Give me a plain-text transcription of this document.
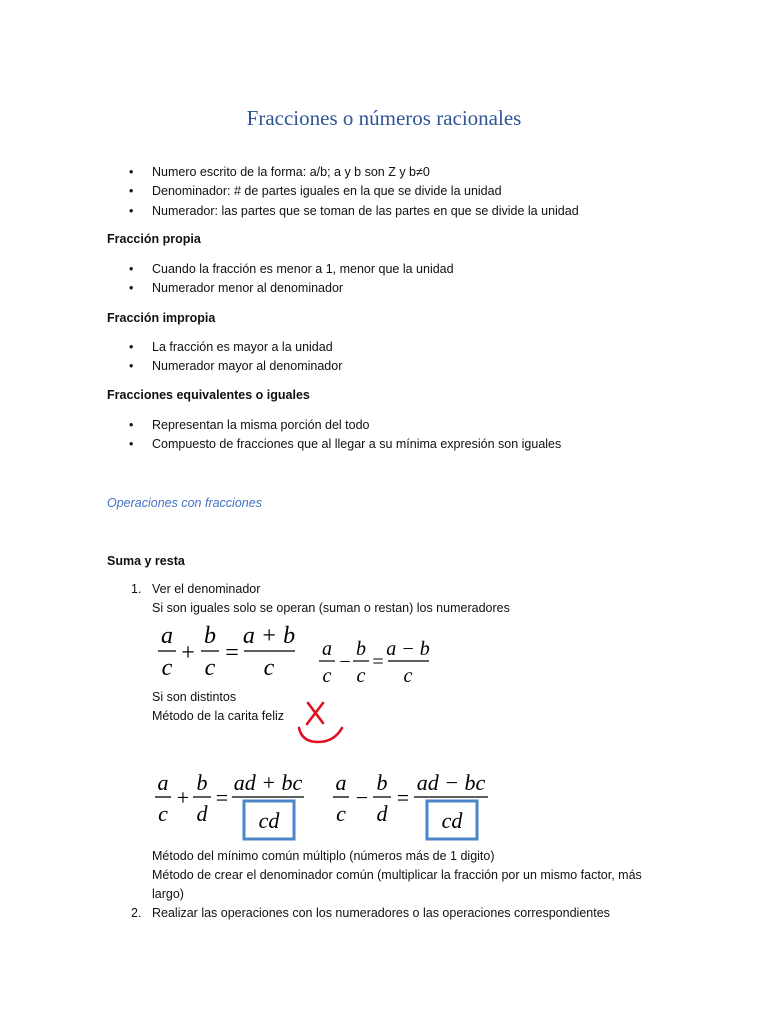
Fracciones o números racionales
• Numero escrito de la forma: a/b; a y b son Z y b≠0
• Denominador: # de partes iguales en la que se divide la unidad
• Numerador: las partes que se toman de las partes en que se divide la unidad
Fracción propia
• Cuando la fracción es menor a 1, menor que la unidad
• Numerador menor al denominador
Fracción impropia
• La fracción es mayor a la unidad
• Numerador mayor al denominador
Fracciones equivalentes o iguales
• Representan la misma porción del todo
• Compuesto de fracciones que al llegar a su mínima expresión son iguales
Operaciones con fracciones
Suma y resta
1. Ver el denominador
Si son iguales solo se operan (suman o restan) los numeradores
a
c
+
b
c
=
a + b
c
a
c
−
b
c
=
a − b
c
Si son distintos
Método de la carita feliz
a
c
+
b
d
=
ad + bc
cd
a
c
−
b
d
=
ad − bc
cd
Método del mínimo común múltiplo (números más de 1 digito)
Método de crear el denominador común (multiplicar la fracción por un mismo factor, más
largo)
2. Realizar las operaciones con los numeradores o las operaciones correspondientes
